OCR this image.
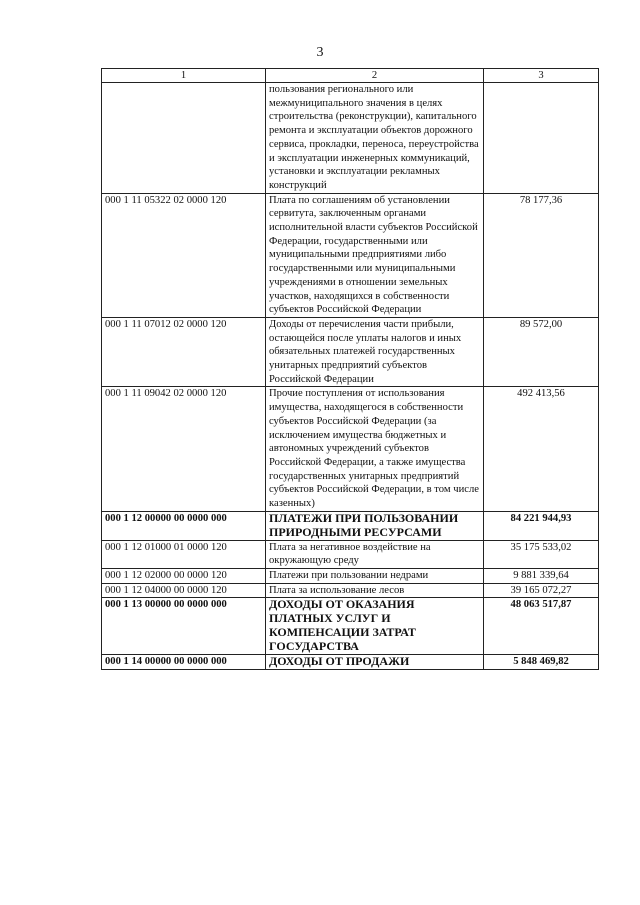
3
1	2	3
	пользования регионального или межмуниципального значения в целях строительства (реконструкции), капитального ремонта и эксплуатации объектов дорожного сервиса, прокладки, переноса, переустройства и эксплуатации инженерных коммуникаций, установки и эксплуатации рекламных конструкций	
000 1 11 05322 02 0000 120	Плата по соглашениям об установлении сервитута, заключенным органами исполнительной власти субъектов Российской Федерации, государственными или муниципальными предприятиями либо государственными или муниципальными учреждениями в отношении земельных участков, находящихся в собственности субъектов Российской Федерации	78 177,36
000 1 11 07012 02 0000 120	Доходы от перечисления части прибыли, остающейся после уплаты налогов и иных обязательных платежей государственных унитарных предприятий субъектов Российской Федерации	89 572,00
000 1 11 09042 02 0000 120	Прочие поступления от использования имущества, находящегося в собственности субъектов Российской Федерации (за исключением имущества бюджетных и автономных учреждений субъектов Российской Федерации, а также имущества государственных унитарных предприятий субъектов Российской Федерации, в том числе казенных)	492 413,56
000 1 12 00000 00 0000 000	ПЛАТЕЖИ ПРИ ПОЛЬЗОВАНИИ ПРИРОДНЫМИ РЕСУРСАМИ	84 221 944,93
000 1 12 01000 01 0000 120	Плата за негативное воздействие на окружающую среду	35 175 533,02
000 1 12 02000 00 0000 120	Платежи при пользовании недрами	9 881 339,64
000 1 12 04000 00 0000 120	Плата за использование лесов	39 165 072,27
000 1 13 00000 00 0000 000	ДОХОДЫ ОТ ОКАЗАНИЯ ПЛАТНЫХ УСЛУГ И КОМПЕНСАЦИИ ЗАТРАТ ГОСУДАРСТВА	48 063 517,87
000 1 14 00000 00 0000 000	ДОХОДЫ ОТ ПРОДАЖИ	5 848 469,82
